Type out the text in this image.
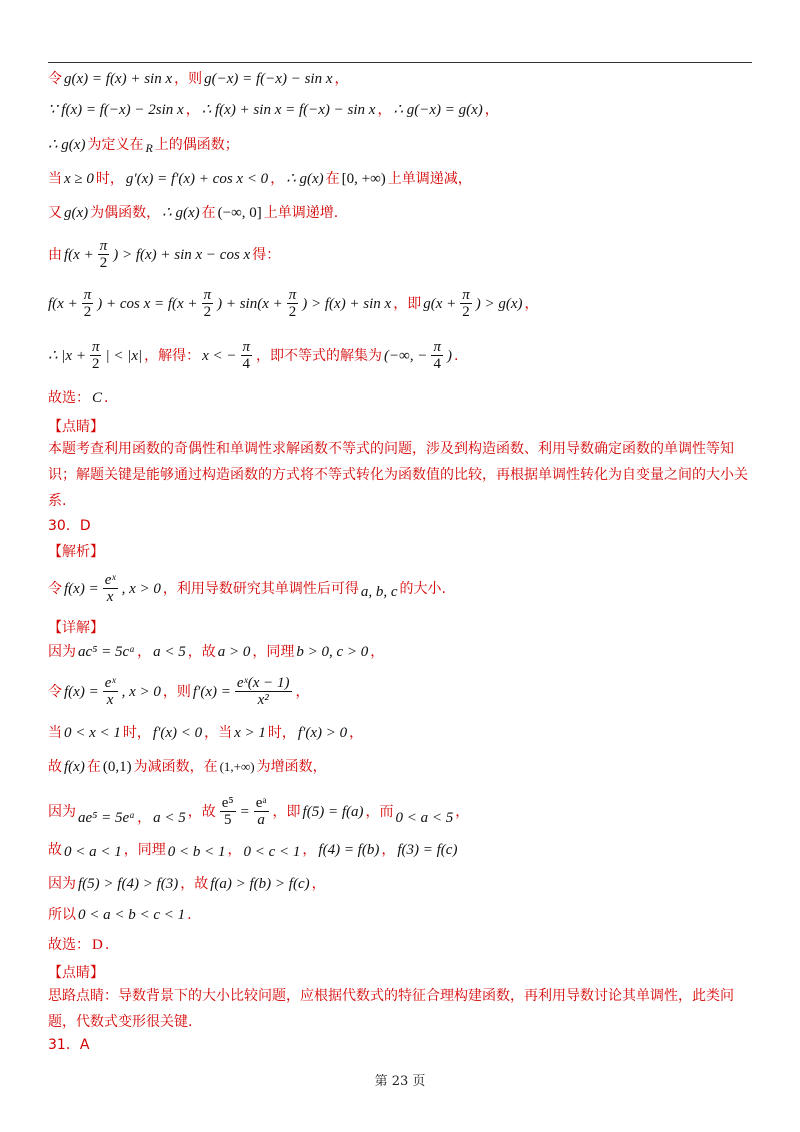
令 g(x) = f(x) + sin x ，则 g(−x) = f(−x) − sin x ，
∵ f(x) = f(−x) − 2sin x ， ∴ f(x) + sin x = f(−x) − sin x ， ∴ g(−x) = g(x) ，
∴ g(x) 为定义在 R 上的偶函数；
当 x ≥ 0 时， g′(x) = f′(x) + cos x < 0 ， ∴ g(x) 在 [0, +∞) 上单调递减，
又 g(x) 为偶函数， ∴ g(x) 在 (−∞, 0] 上单调递增.
由 $f(x + \frac{\pi}{2}$ ) > f(x) + sin x − cos x 得：
$f(x + \frac{\pi}{2}$ ) + $\cos x = f(x + \frac{\pi}{2}$ ) + $\sin(x + \frac{\pi}{2}$ ) > f(x) + sin x ，即 $g(x + \frac{\pi}{2}$ ) > g(x) ，
∴ $|x + \frac{\pi}{2}$ | < |x| ，解得： x < − $\frac{\pi}{4}$ ，即不等式的解集为 (−∞, − $\frac{\pi}{4}$ ) .
故选： C .
【点睛】
本题考查利用函数的奇偶性和单调性求解函数不等式的问题，涉及到构造函数、利用导数确定函数的单调性等知识；解题关键是能够通过构造函数的方式将不等式转化为函数值的比较，再根据单调性转化为自变量之间的大小关系.
30．D
【解析】
令 $f(x) = \frac{\text{eˣ}}{x}$ , x > 0 ，利用导数研究其单调性后可得 a, b, c 的大小.
【详解】
因为 ac⁵ = 5cᵃ ， a < 5 ，故 a > 0 ，同理 b > 0, c > 0 ，
令 $f(x) = \frac{\text{eˣ}}{x}$ , x > 0 ，则 $f'(x) = \frac{\text{eˣ(x − 1)}}{\text{x²}}$ ，
当 0 < x < 1 时， f′(x) < 0 ，当 x > 1 时， f′(x) > 0 ，
故 f(x) 在 (0,1) 为减函数，在 (1,+∞) 为增函数，
因为 ae⁵ = 5eᵃ ， a < 5 ，故 $\frac{\text{e⁵}}{5} = \frac{\text{eᵃ}}{a}$ ，即 f(5) = f(a) ，而 0 < a < 5 ，
故 0 < a < 1 ，同理 0 < b < 1 ， 0 < c < 1 ， f(4) = f(b) ， f(3) = f(c)
因为 f(5) > f(4) > f(3) ，故 f(a) > f(b) > f(c) ，
所以 0 < a < b < c < 1 .
故选： D .
【点睛】
思路点睛：导数背景下的大小比较问题，应根据代数式的特征合理构建函数，再利用导数讨论其单调性，此类问题，代数式变形很关键.
31．A
第 23 页
